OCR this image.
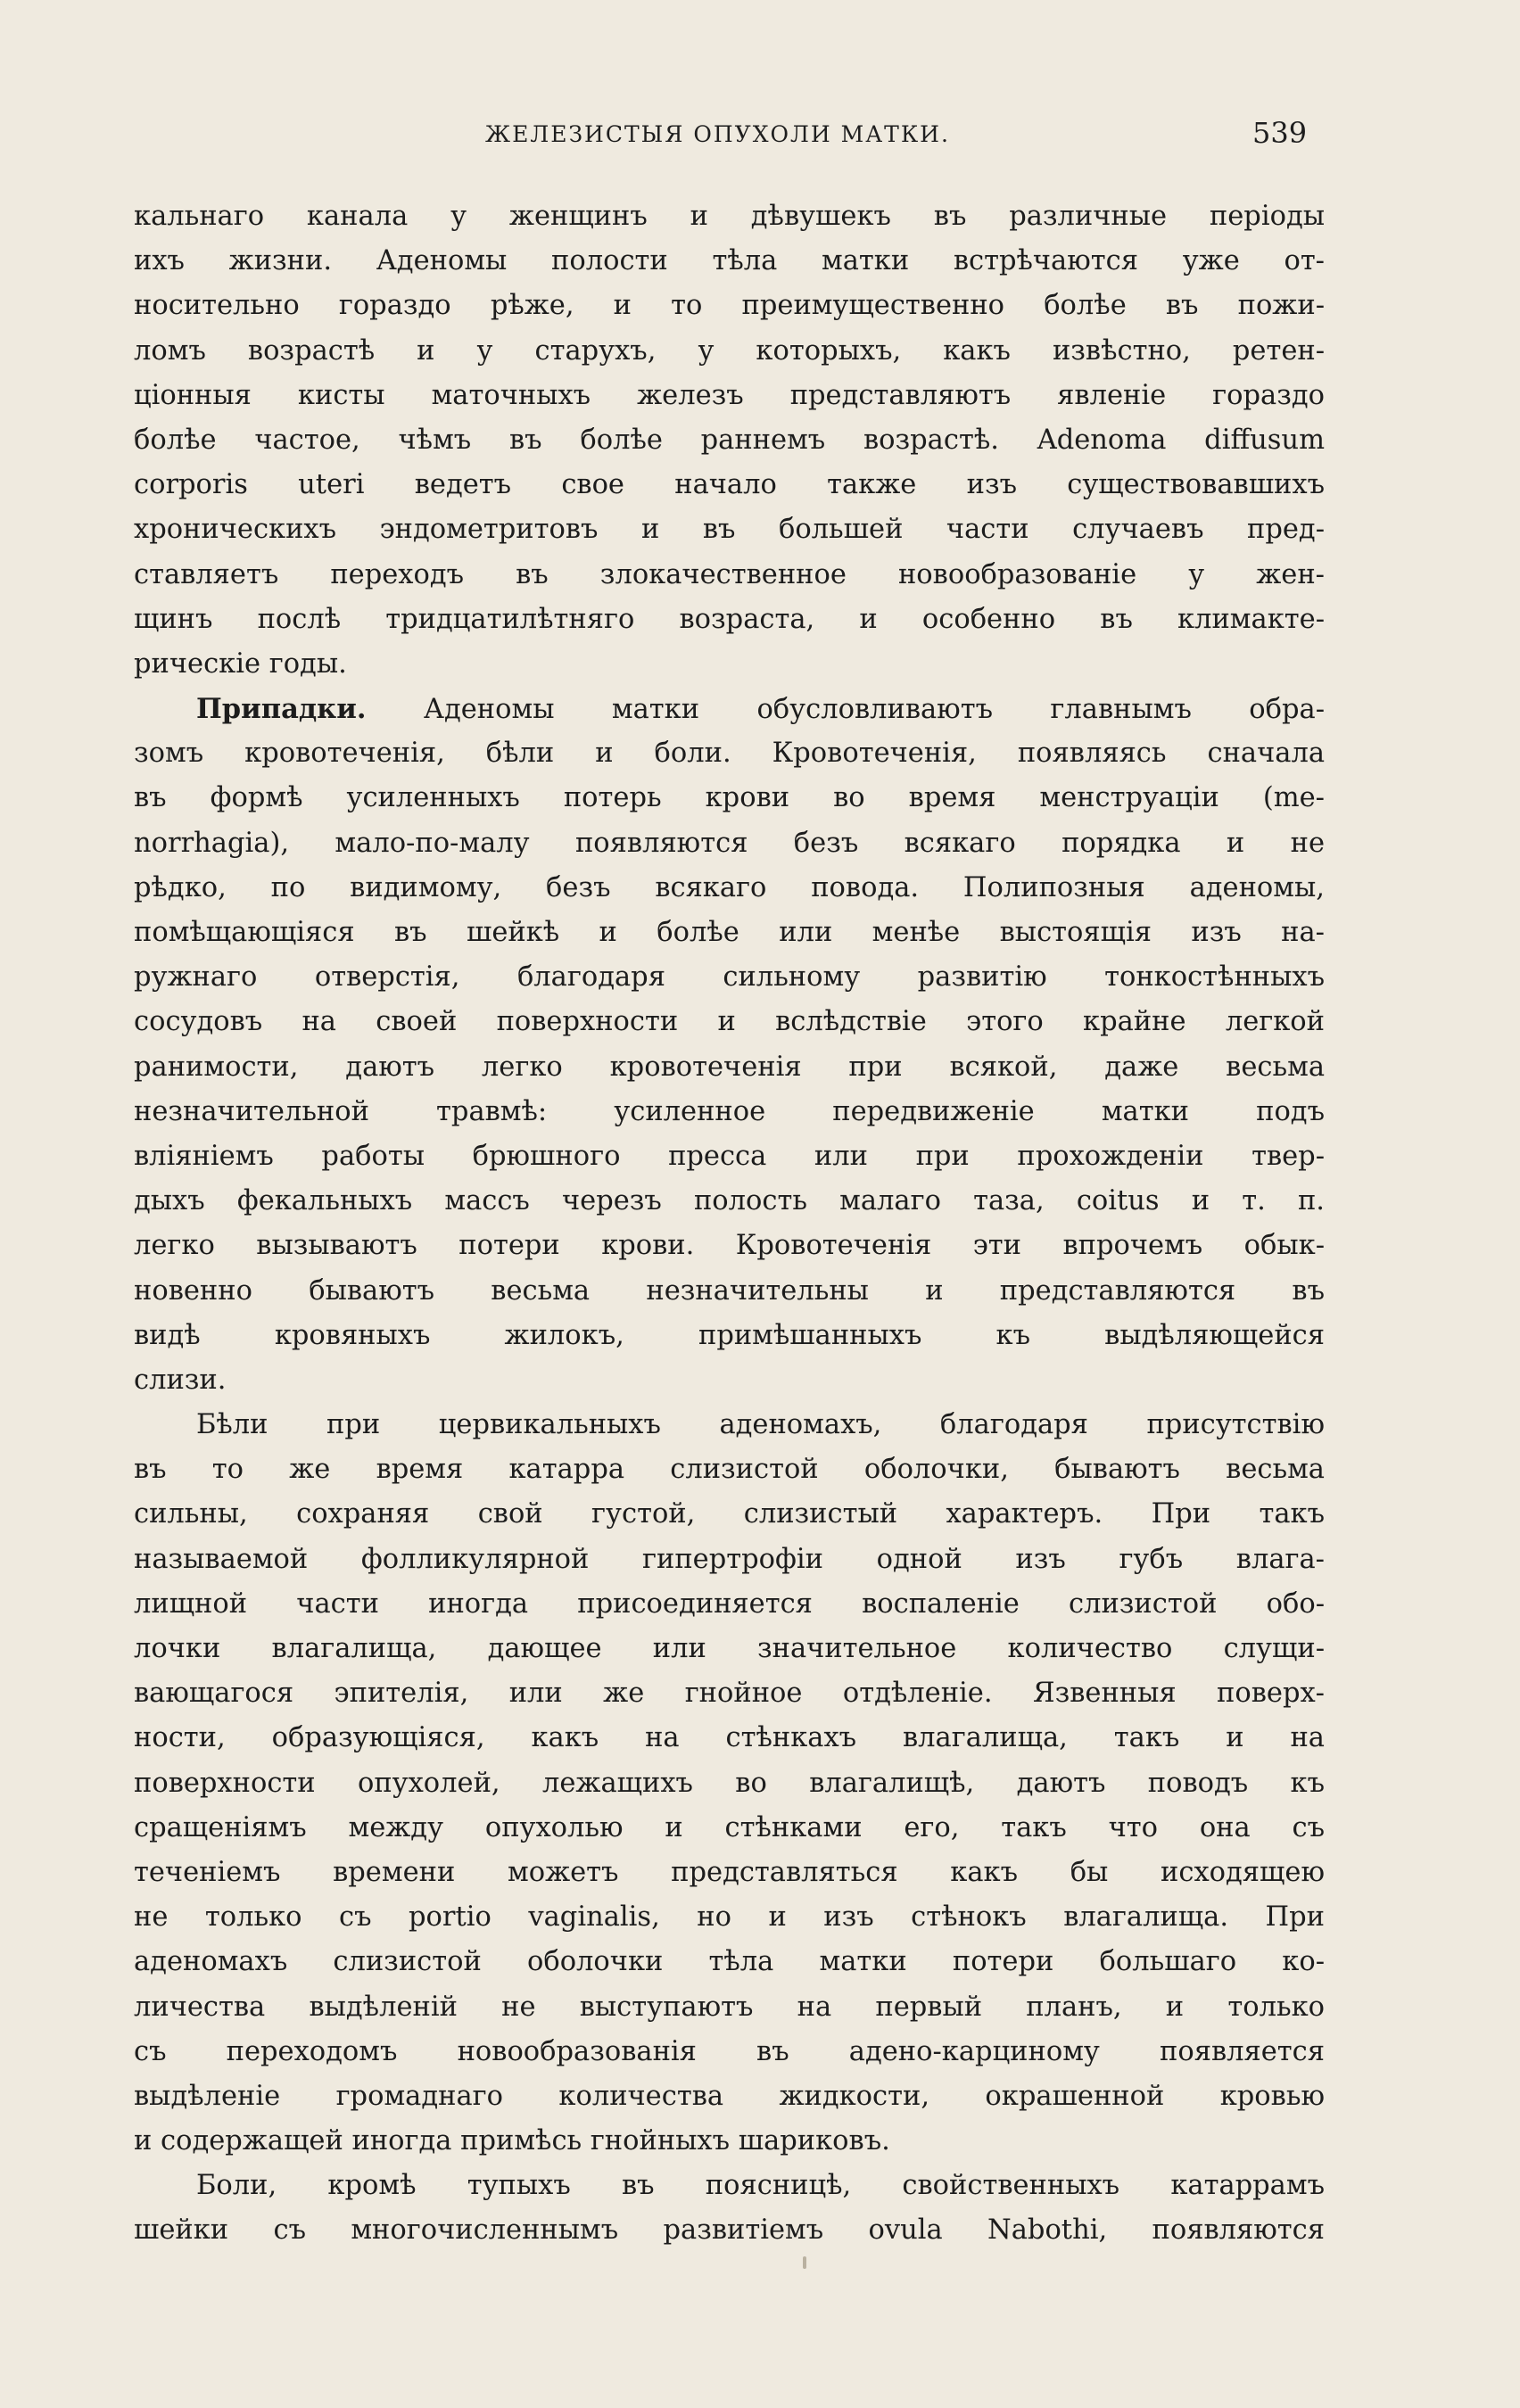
ЖЕЛЕЗИСТЫЯ ОПУХОЛИ МАТКИ.	539
кальнаго канала у женщинъ и дѣвушекъ въ различные періоды
ихъ жизни. Аденомы полости тѣла матки встрѣчаются уже от-
носительно гораздо рѣже, и то преимущественно болѣе въ пожи-
ломъ возрастѣ и у старухъ, у которыхъ, какъ извѣстно, ретен-
ціонныя кисты маточныхъ железъ представляютъ явленіе гораздо
болѣе частое, чѣмъ въ болѣе раннемъ возрастѣ. Adenoma diffusum
corporis uteri ведетъ свое начало также изъ существовавшихъ
хроническихъ эндометритовъ и въ большей части случаевъ пред-
ставляетъ переходъ въ злокачественное новообразованіе у жен-
щинъ послѣ тридцатилѣтняго возраста, и особенно въ климакте-
рическіе годы.
Припадки. Аденомы матки обусловливаютъ главнымъ обра-
зомъ кровотеченія, бѣли и боли. Кровотеченія, появляясь сначала
въ формѣ усиленныхъ потерь крови во время менструаціи (me-
norrhagia), мало-по-малу появляются безъ всякаго порядка и не
рѣдко, по видимому, безъ всякаго повода. Полипозныя аденомы,
помѣщающіяся въ шейкѣ и болѣе или менѣе выстоящія изъ на-
ружнаго отверстія, благодаря сильному развитію тонкостѣнныхъ
сосудовъ на своей поверхности и вслѣдствіе этого крайне легкой
ранимости, даютъ легко кровотеченія при всякой, даже весьма
незначительной травмѣ: усиленное передвиженіе матки подъ
вліяніемъ работы брюшного пресса или при прохожденіи твер-
дыхъ фекальныхъ массъ черезъ полость малаго таза, coitus и т. п.
легко вызываютъ потери крови. Кровотеченія эти впрочемъ обык-
новенно бываютъ весьма незначительны и представляются въ
видѣ кровяныхъ жилокъ, примѣшанныхъ къ выдѣляющейся
слизи.
Бѣли при цервикальныхъ аденомахъ, благодаря присутствію
въ то же время катарра слизистой оболочки, бываютъ весьма
сильны, сохраняя свой густой, слизистый характеръ. При такъ
называемой фолликулярной гипертрофіи одной изъ губъ влага-
лищной части иногда присоединяется воспаленіе слизистой обо-
лочки влагалища, дающее или значительное количество слущи-
вающагося эпителія, или же гнойное отдѣленіе. Язвенныя поверх-
ности, образующіяся, какъ на стѣнкахъ влагалища, такъ и на
поверхности опухолей, лежащихъ во влагалищѣ, даютъ поводъ къ
сращеніямъ между опухолью и стѣнками его, такъ что она съ
теченіемъ времени можетъ представляться какъ бы исходящею
не только съ portio vaginalis, но и изъ стѣнокъ влагалища. При
аденомахъ слизистой оболочки тѣла матки потери большаго ко-
личества выдѣленій не выступаютъ на первый планъ, и только
съ переходомъ новообразованія въ адено-карциному появляется
выдѣленіе громаднаго количества жидкости, окрашенной кровью
и содержащей иногда примѣсь гнойныхъ шариковъ.
Боли, кромѣ тупыхъ въ поясницѣ, свойственныхъ катаррамъ
шейки съ многочисленнымъ развитіемъ ovula Nabothi, появляются
